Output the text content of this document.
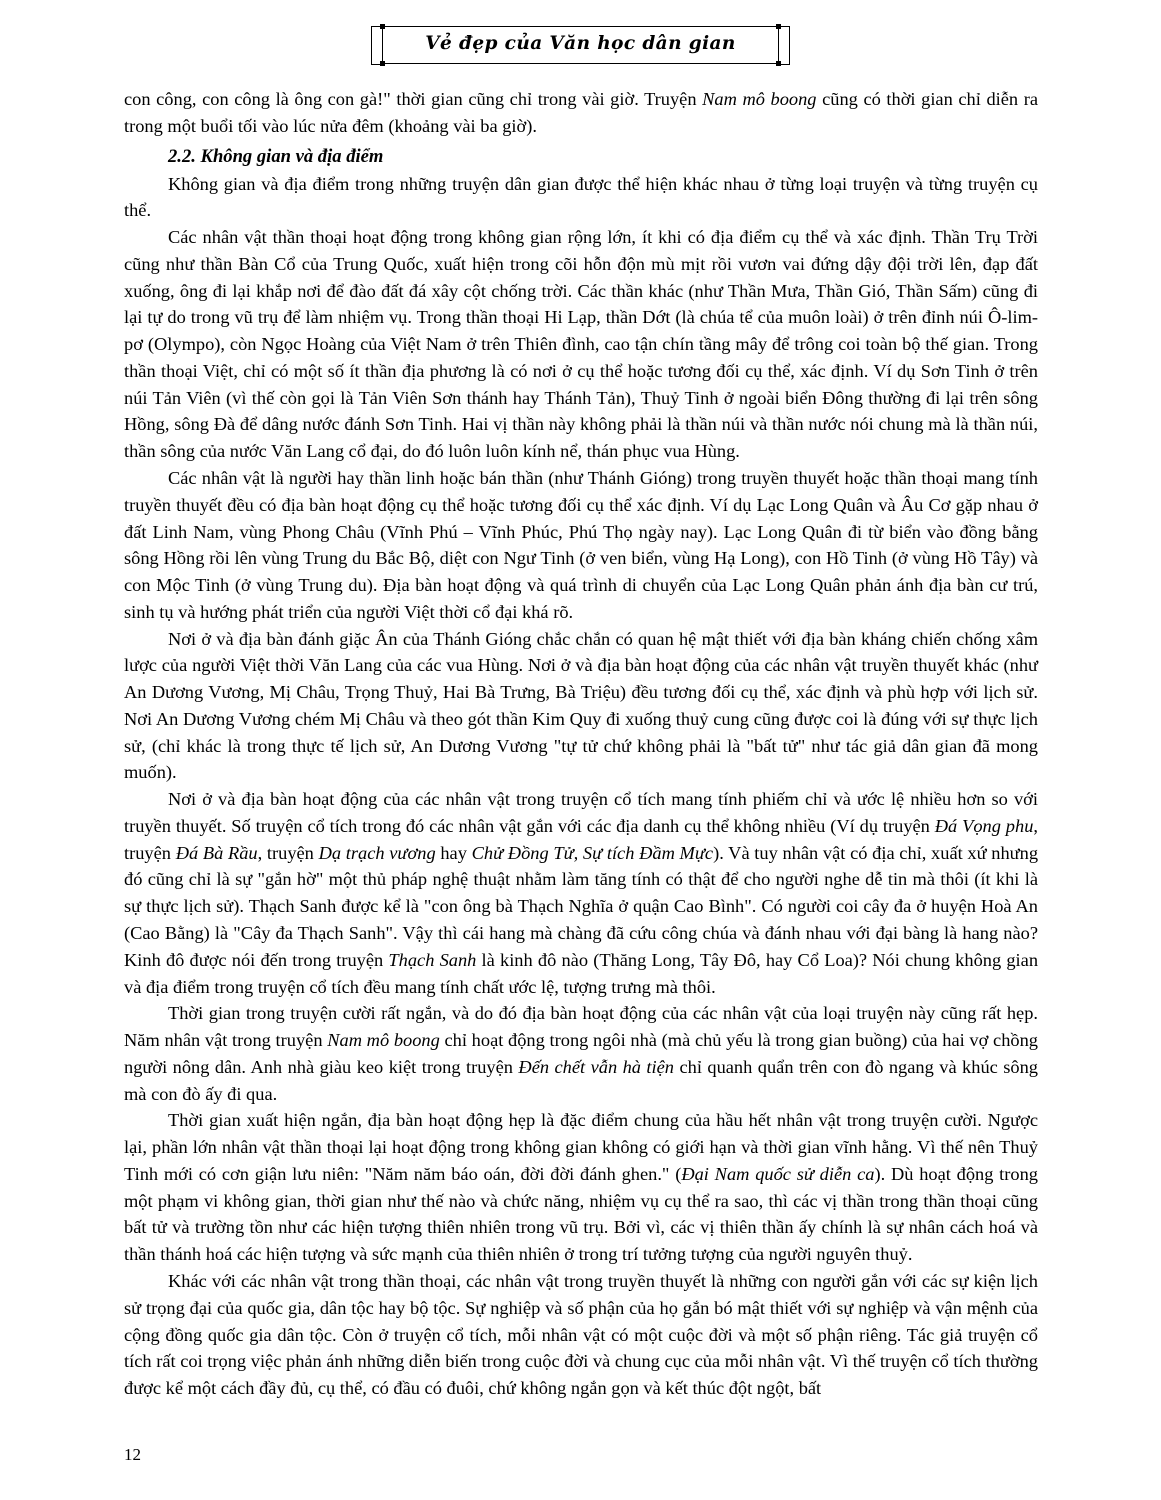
Vẻ đẹp của Văn học dân gian

con công, con công là ông con gà!" thời gian cũng chỉ trong vài giờ. Truyện Nam mô boong cũng có thời gian chỉ diễn ra trong một buổi tối vào lúc nửa đêm (khoảng vài ba giờ).

2.2. Không gian và địa điểm

Không gian và địa điểm trong những truyện dân gian được thể hiện khác nhau ở từng loại truyện và từng truyện cụ thể.

Các nhân vật thần thoại hoạt động trong không gian rộng lớn, ít khi có địa điểm cụ thể và xác định. Thần Trụ Trời cũng như thần Bàn Cổ của Trung Quốc, xuất hiện trong cõi hỗn độn mù mịt rồi vươn vai đứng dậy đội trời lên, đạp đất xuống, ông đi lại khắp nơi để đào đất đá xây cột chống trời. Các thần khác (như Thần Mưa, Thần Gió, Thần Sấm) cũng đi lại tự do trong vũ trụ để làm nhiệm vụ. Trong thần thoại Hi Lạp, thần Dớt (là chúa tể của muôn loài) ở trên đỉnh núi Ô-lim-pơ (Olympo), còn Ngọc Hoàng của Việt Nam ở trên Thiên đình, cao tận chín tầng mây để trông coi toàn bộ thế gian. Trong thần thoại Việt, chỉ có một số ít thần địa phương là có nơi ở cụ thể hoặc tương đối cụ thể, xác định. Ví dụ Sơn Tinh ở trên núi Tản Viên (vì thế còn gọi là Tản Viên Sơn thánh hay Thánh Tản), Thuỷ Tinh ở ngoài biển Đông thường đi lại trên sông Hồng, sông Đà để dâng nước đánh Sơn Tinh. Hai vị thần này không phải là thần núi và thần nước nói chung mà là thần núi, thần sông của nước Văn Lang cổ đại, do đó luôn luôn kính nể, thán phục vua Hùng.

Các nhân vật là người hay thần linh hoặc bán thần (như Thánh Gióng) trong truyền thuyết hoặc thần thoại mang tính truyền thuyết đều có địa bàn hoạt động cụ thể hoặc tương đối cụ thể xác định. Ví dụ Lạc Long Quân và Âu Cơ gặp nhau ở đất Linh Nam, vùng Phong Châu (Vĩnh Phú – Vĩnh Phúc, Phú Thọ ngày nay). Lạc Long Quân đi từ biển vào đồng bằng sông Hồng rồi lên vùng Trung du Bắc Bộ, diệt con Ngư Tinh (ở ven biển, vùng Hạ Long), con Hồ Tinh (ở vùng Hồ Tây) và con Mộc Tinh (ở vùng Trung du). Địa bàn hoạt động và quá trình di chuyển của Lạc Long Quân phản ánh địa bàn cư trú, sinh tụ và hướng phát triển của người Việt thời cổ đại khá rõ.

Nơi ở và địa bàn đánh giặc Ân của Thánh Gióng chắc chắn có quan hệ mật thiết với địa bàn kháng chiến chống xâm lược của người Việt thời Văn Lang của các vua Hùng. Nơi ở và địa bàn hoạt động của các nhân vật truyền thuyết khác (như An Dương Vương, Mị Châu, Trọng Thuỷ, Hai Bà Trưng, Bà Triệu) đều tương đối cụ thể, xác định và phù hợp với lịch sử. Nơi An Dương Vương chém Mị Châu và theo gót thần Kim Quy đi xuống thuỷ cung cũng được coi là đúng với sự thực lịch sử, (chỉ khác là trong thực tế lịch sử, An Dương Vương "tự tử chứ không phải là "bất tử" như tác giả dân gian đã mong muốn).

Nơi ở và địa bàn hoạt động của các nhân vật trong truyện cổ tích mang tính phiếm chỉ và ước lệ nhiều hơn so với truyền thuyết. Số truyện cổ tích trong đó các nhân vật gắn với các địa danh cụ thể không nhiều (Ví dụ truyện Đá Vọng phu, truyện Đá Bà Rầu, truyện Dạ trạch vương hay Chử Đồng Tử, Sự tích Đầm Mực). Và tuy nhân vật có địa chỉ, xuất xứ nhưng đó cũng chỉ là sự "gắn hờ" một thủ pháp nghệ thuật nhằm làm tăng tính có thật để cho người nghe dễ tin mà thôi (ít khi là sự thực lịch sử). Thạch Sanh được kể là "con ông bà Thạch Nghĩa ở quận Cao Bình". Có người coi cây đa ở huyện Hoà An (Cao Bằng) là "Cây đa Thạch Sanh". Vậy thì cái hang mà chàng đã cứu công chúa và đánh nhau với đại bàng là hang nào? Kinh đô được nói đến trong truyện Thạch Sanh là kinh đô nào (Thăng Long, Tây Đô, hay Cổ Loa)? Nói chung không gian và địa điểm trong truyện cổ tích đều mang tính chất ước lệ, tượng trưng mà thôi.

Thời gian trong truyện cười rất ngắn, và do đó địa bàn hoạt động của các nhân vật của loại truyện này cũng rất hẹp. Năm nhân vật trong truyện Nam mô boong chỉ hoạt động trong ngôi nhà (mà chủ yếu là trong gian buồng) của hai vợ chồng người nông dân. Anh nhà giàu keo kiệt trong truyện Đến chết vẫn hà tiện chỉ quanh quẩn trên con đò ngang và khúc sông mà con đò ấy đi qua.

Thời gian xuất hiện ngắn, địa bàn hoạt động hẹp là đặc điểm chung của hầu hết nhân vật trong truyện cười. Ngược lại, phần lớn nhân vật thần thoại lại hoạt động trong không gian không có giới hạn và thời gian vĩnh hằng. Vì thế nên Thuỷ Tinh mới có cơn giận lưu niên: "Năm năm báo oán, đời đời đánh ghen." (Đại Nam quốc sử diễn ca). Dù hoạt động trong một phạm vi không gian, thời gian như thế nào và chức năng, nhiệm vụ cụ thể ra sao, thì các vị thần trong thần thoại cũng bất tử và trường tồn như các hiện tượng thiên nhiên trong vũ trụ. Bởi vì, các vị thiên thần ấy chính là sự nhân cách hoá và thần thánh hoá các hiện tượng và sức mạnh của thiên nhiên ở trong trí tưởng tượng của người nguyên thuỷ.

Khác với các nhân vật trong thần thoại, các nhân vật trong truyền thuyết là những con người gắn với các sự kiện lịch sử trọng đại của quốc gia, dân tộc hay bộ tộc. Sự nghiệp và số phận của họ gắn bó mật thiết với sự nghiệp và vận mệnh của cộng đồng quốc gia dân tộc. Còn ở truyện cổ tích, mỗi nhân vật có một cuộc đời và một số phận riêng. Tác giả truyện cổ tích rất coi trọng việc phản ánh những diễn biến trong cuộc đời và chung cục của mỗi nhân vật. Vì thế truyện cổ tích thường được kể một cách đầy đủ, cụ thể, có đầu có đuôi, chứ không ngắn gọn và kết thúc đột ngột, bất

12
